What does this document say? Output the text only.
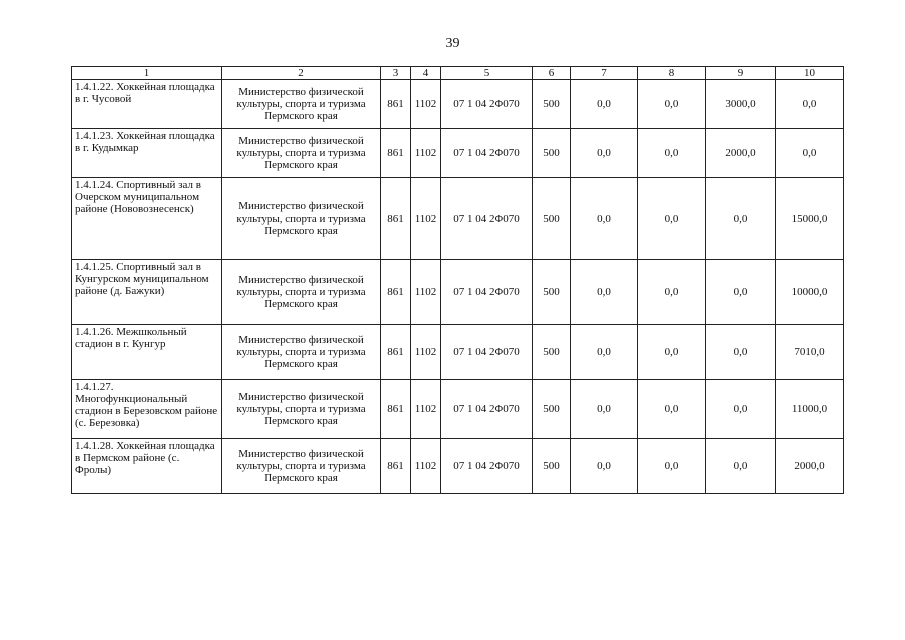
39
1	2	3	4	5	6	7	8	9	10
1.4.1.22. Хоккейная площадка в г. Чусовой	Министерство физической культуры, спорта и туризма Пермского края	861	1102	07 1 04 2Ф070	500	0,0	0,0	3000,0	0,0
1.4.1.23. Хоккейная площадка в г. Кудымкар	Министерство физической культуры, спорта и туризма Пермского края	861	1102	07 1 04 2Ф070	500	0,0	0,0	2000,0	0,0
1.4.1.24. Спортивный зал в Очерском муниципальном районе (Нововознесенск)	Министерство физической культуры, спорта и туризма Пермского края	861	1102	07 1 04 2Ф070	500	0,0	0,0	0,0	15000,0
1.4.1.25. Спортивный зал в Кунгурском муниципальном районе (д. Бажуки)	Министерство физической культуры, спорта и туризма Пермского края	861	1102	07 1 04 2Ф070	500	0,0	0,0	0,0	10000,0
1.4.1.26. Межшкольный стадион в г. Кунгур	Министерство физической культуры, спорта и туризма Пермского края	861	1102	07 1 04 2Ф070	500	0,0	0,0	0,0	7010,0
1.4.1.27. Многофункциональный стадион в Березовском районе (с. Березовка)	Министерство физической культуры, спорта и туризма Пермского края	861	1102	07 1 04 2Ф070	500	0,0	0,0	0,0	11000,0
1.4.1.28. Хоккейная площадка в Пермском районе (с. Фролы)	Министерство физической культуры, спорта и туризма Пермского края	861	1102	07 1 04 2Ф070	500	0,0	0,0	0,0	2000,0
